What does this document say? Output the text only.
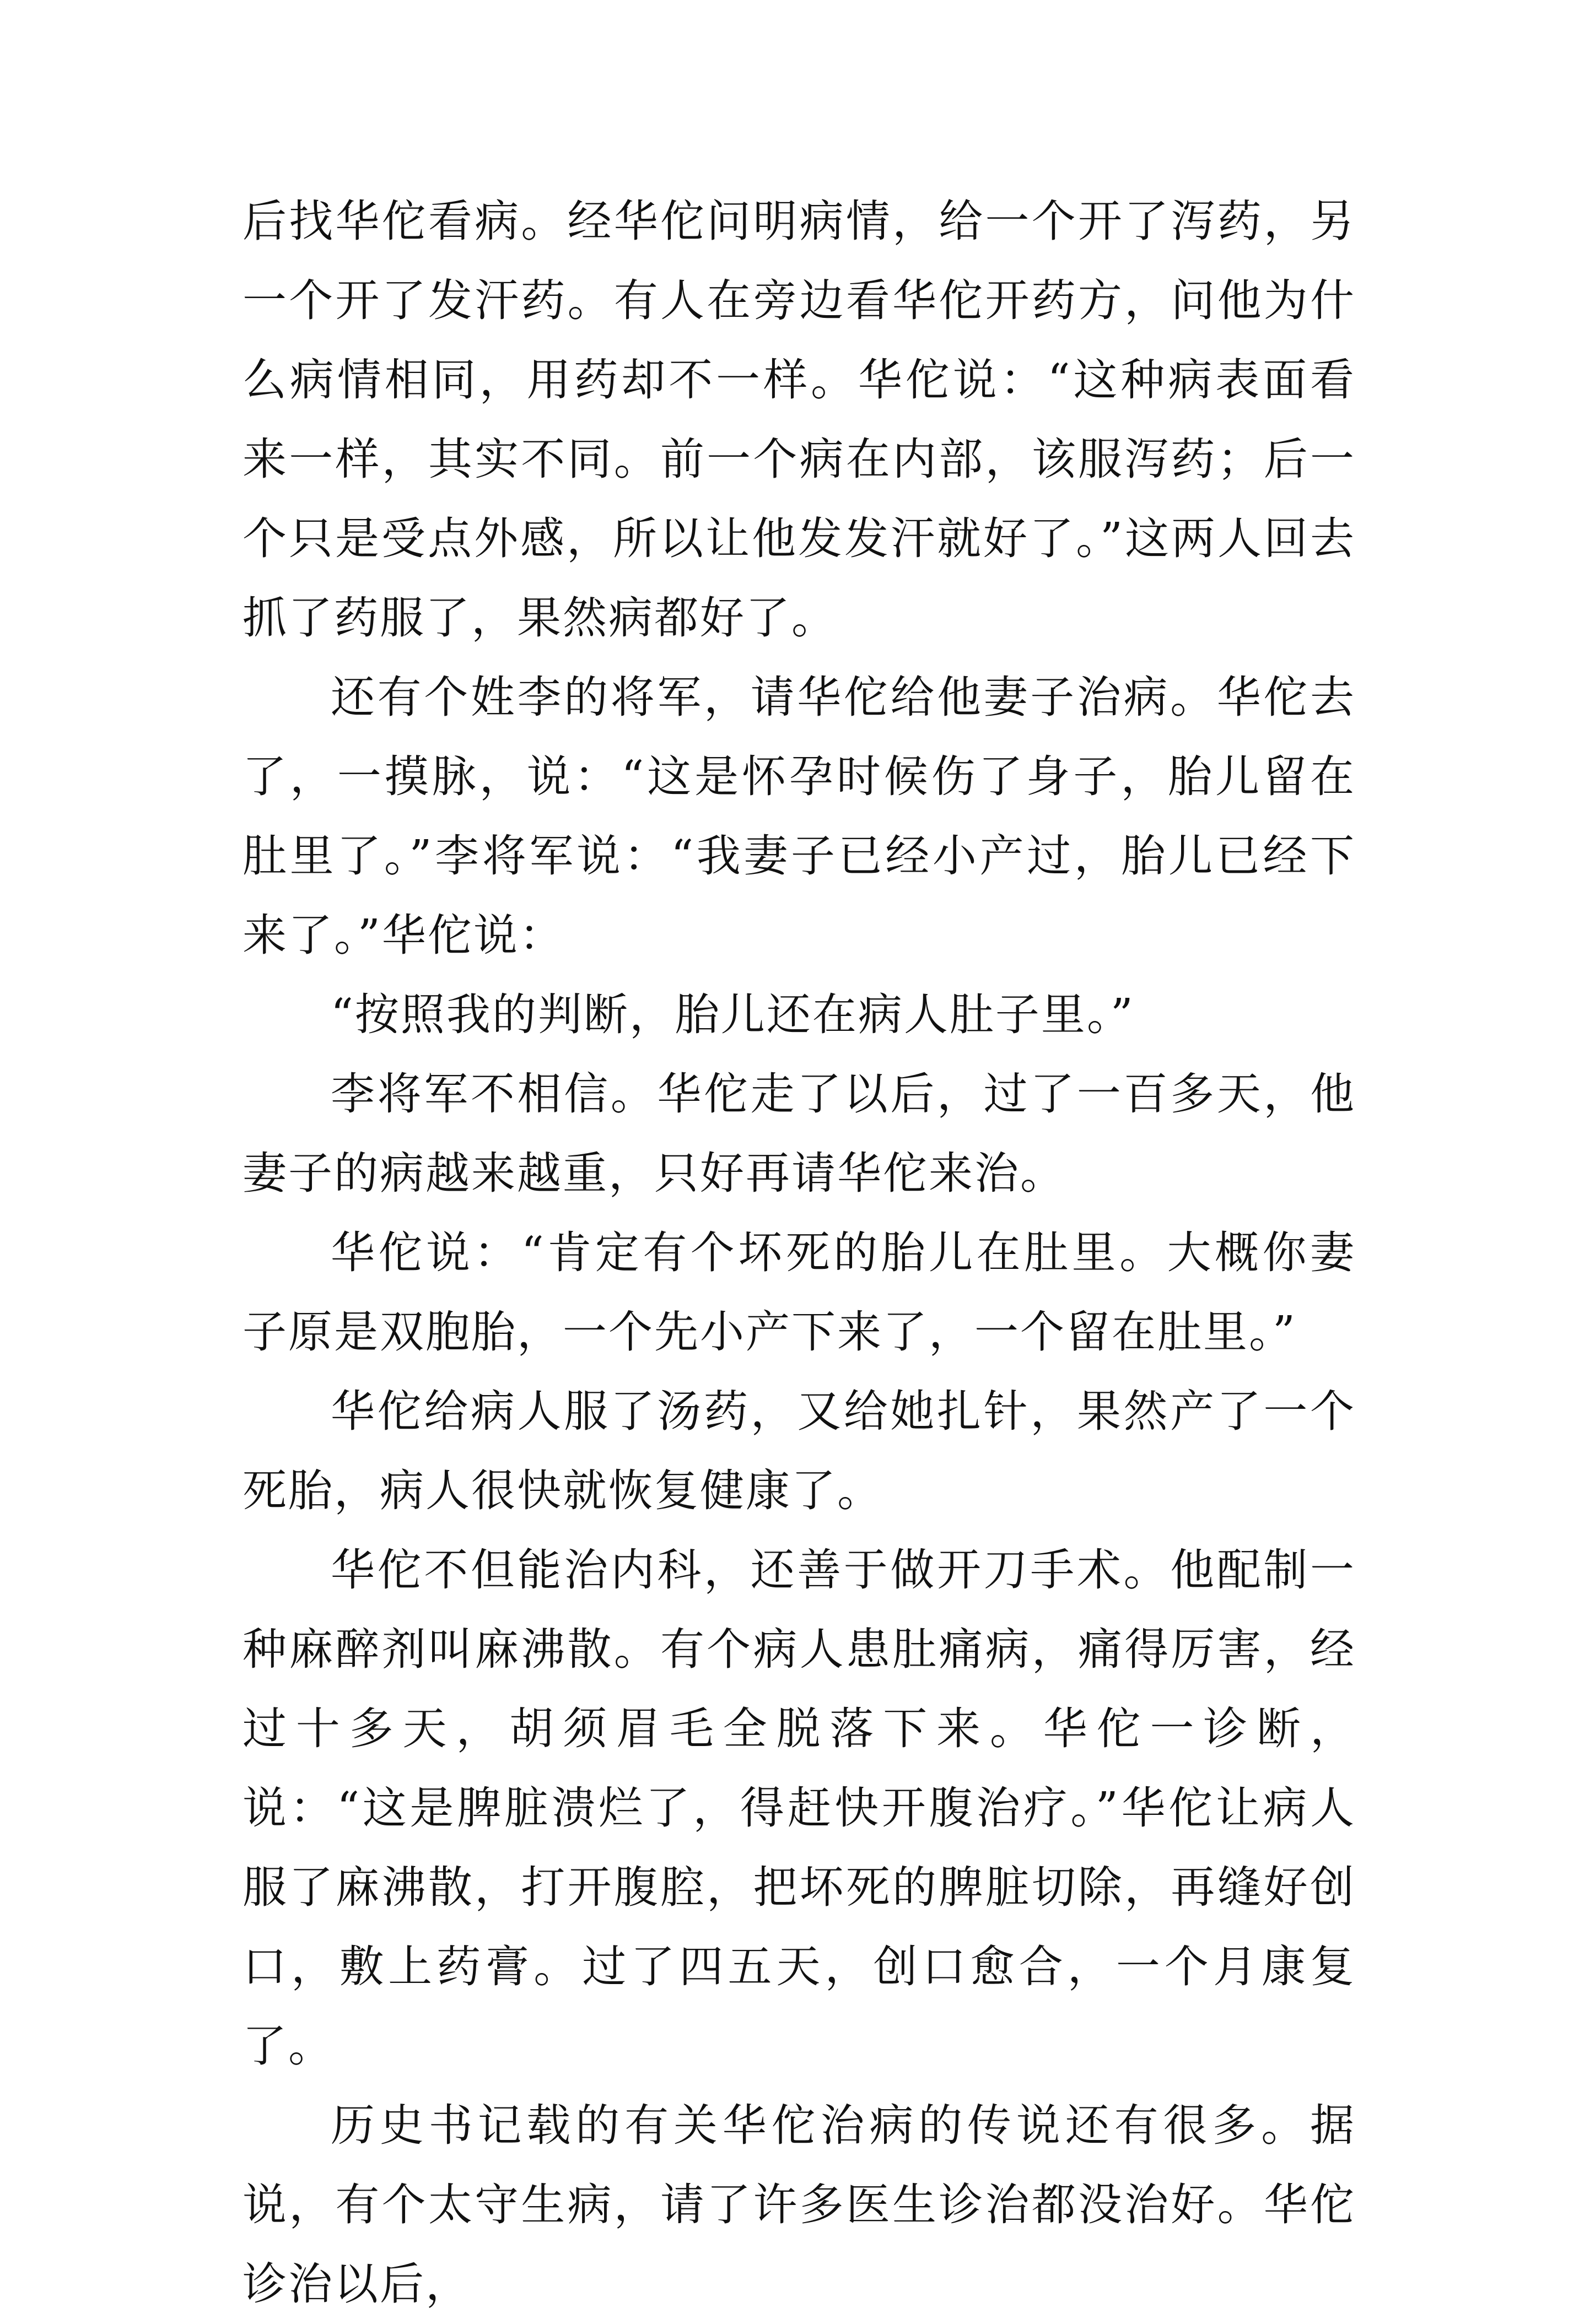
后找华佗看病。经华佗问明病情，给一个开了泻药，另一个开了发汗药。有人在旁边看华佗开药方，问他为什么病情相同，用药却不一样。华佗说：“这种病表面看来一样，其实不同。前一个病在内部，该服泻药；后一个只是受点外感，所以让他发发汗就好了。”这两人回去抓了药服了，果然病都好了。

还有个姓李的将军，请华佗给他妻子治病。华佗去了，一摸脉，说：“这是怀孕时候伤了身子，胎儿留在肚里了。”李将军说：“我妻子已经小产过，胎儿已经下来了。”华佗说：

“按照我的判断，胎儿还在病人肚子里。”

李将军不相信。华佗走了以后，过了一百多天，他妻子的病越来越重，只好再请华佗来治。

华佗说：“肯定有个坏死的胎儿在肚里。大概你妻子原是双胞胎，一个先小产下来了，一个留在肚里。”

华佗给病人服了汤药，又给她扎针，果然产了一个死胎，病人很快就恢复健康了。

华佗不但能治内科，还善于做开刀手术。他配制一种麻醉剂叫麻沸散。有个病人患肚痛病，痛得厉害，经过十多天，胡须眉毛全脱落下来。华佗一诊断，说：“这是脾脏溃烂了，得赶快开腹治疗。”华佗让病人服了麻沸散，打开腹腔，把坏死的脾脏切除，再缝好创口，敷上药膏。过了四五天，创口愈合，一个月康复了。

历史书记载的有关华佗治病的传说还有很多。据说，有个太守生病，请了许多医生诊治都没治好。华佗诊治以后，
